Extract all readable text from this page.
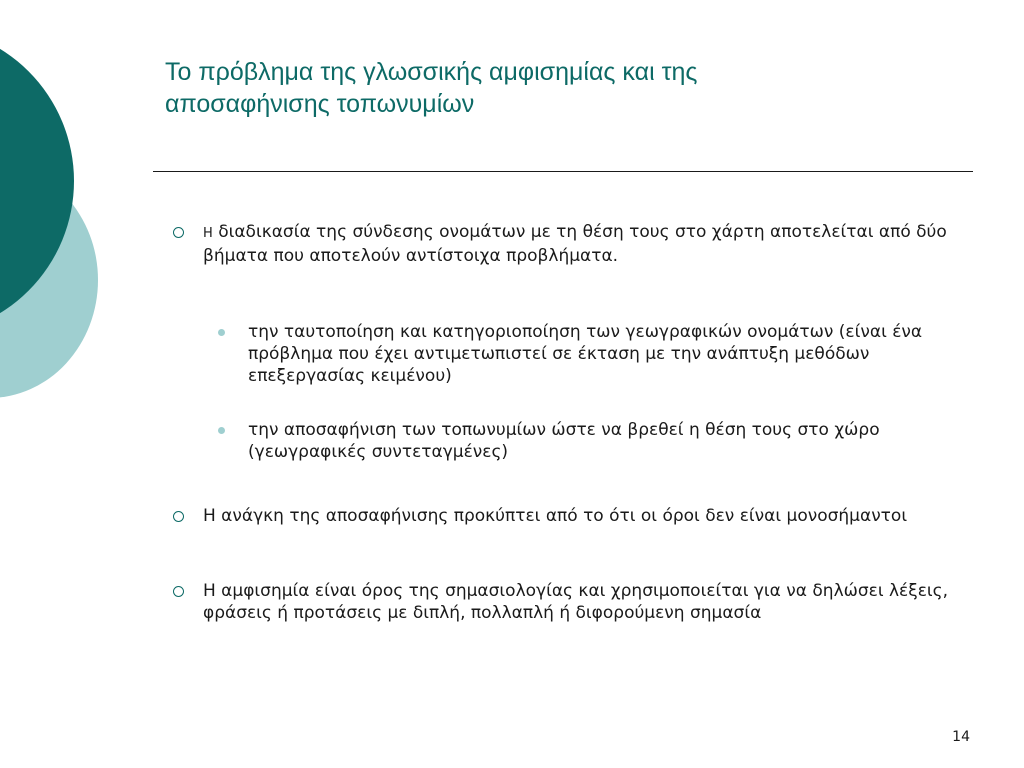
Το πρόβλημα της γλωσσικής αμφισημίας και της
αποσαφήνισης τοπωνυμίων
Η διαδικασία της σύνδεσης ονομάτων με τη θέση τους στο χάρτη αποτελείται από δύο βήματα που αποτελούν αντίστοιχα προβλήματα.
την ταυτοποίηση και κατηγοριοποίηση των γεωγραφικών ονομάτων (είναι ένα πρόβλημα που έχει αντιμετωπιστεί σε έκταση με την ανάπτυξη μεθόδων επεξεργασίας κειμένου)
την αποσαφήνιση των τοπωνυμίων ώστε να βρεθεί η θέση τους στο χώρο (γεωγραφικές συντεταγμένες)
Η ανάγκη της αποσαφήνισης προκύπτει από το ότι οι όροι δεν είναι μονοσήμαντοι
Η αμφισημία είναι όρος της σημασιολογίας και χρησιμοποιείται για να δηλώσει λέξεις, φράσεις ή προτάσεις με διπλή, πολλαπλή ή διφορούμενη σημασία
14
